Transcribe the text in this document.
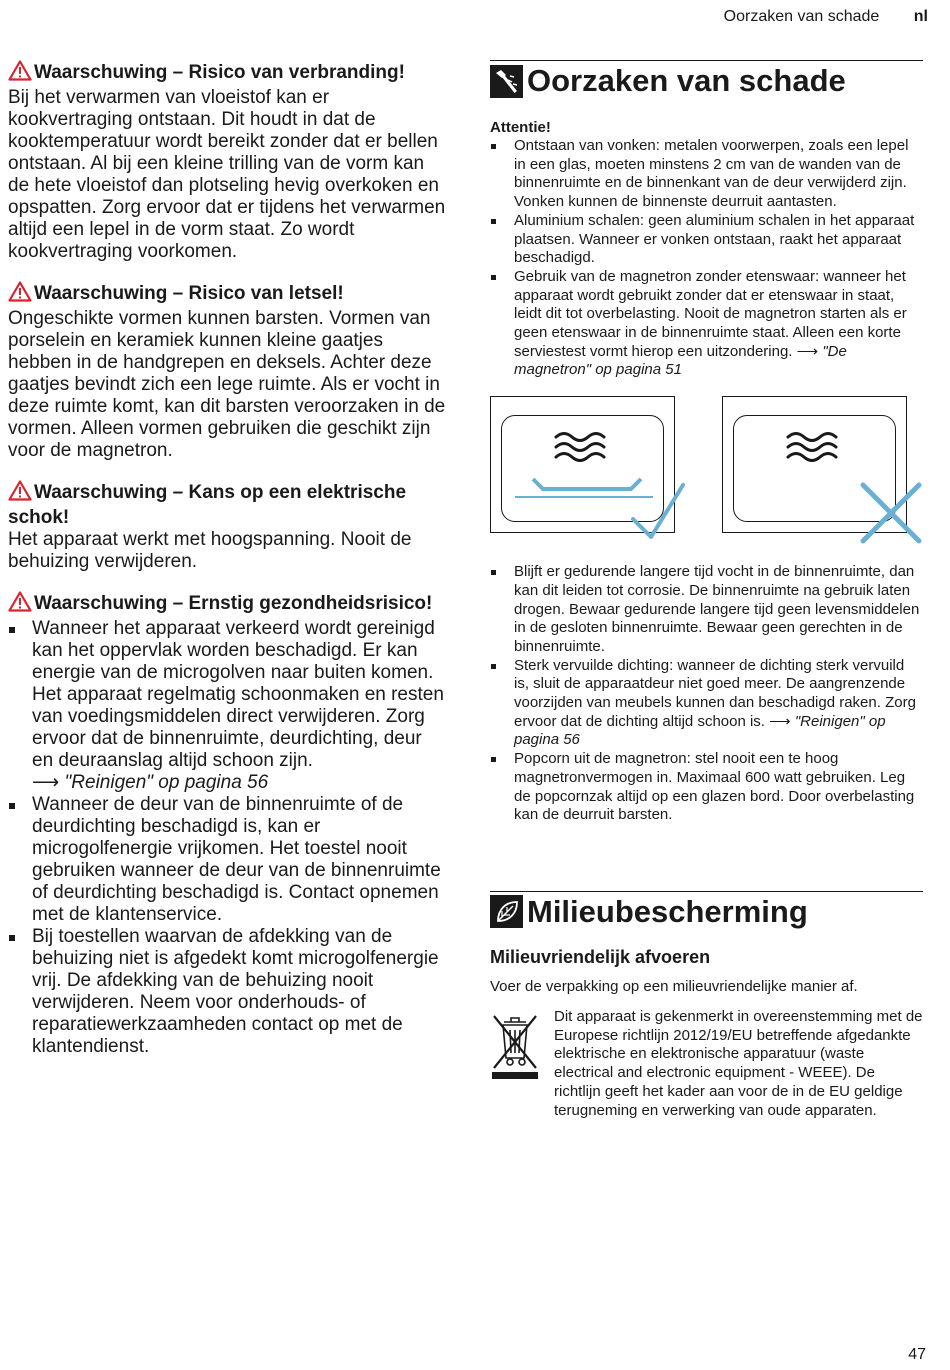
Oorzaken van schade nl
Waarschuwing – Risico van verbranding!
Bij het verwarmen van vloeistof kan er kookvertraging ontstaan. Dit houdt in dat de kooktemperatuur wordt bereikt zonder dat er bellen ontstaan. Al bij een kleine trilling van de vorm kan de hete vloeistof dan plotseling hevig overkoken en opspatten. Zorg ervoor dat er tijdens het verwarmen altijd een lepel in de vorm staat. Zo wordt kookvertraging voorkomen.
Waarschuwing – Risico van letsel!
Ongeschikte vormen kunnen barsten. Vormen van porselein en keramiek kunnen kleine gaatjes hebben in de handgrepen en deksels. Achter deze gaatjes bevindt zich een lege ruimte. Als er vocht in deze ruimte komt, kan dit barsten veroorzaken in de vormen. Alleen vormen gebruiken die geschikt zijn voor de magnetron.
Waarschuwing – Kans op een elektrische schok!
Het apparaat werkt met hoogspanning. Nooit de behuizing verwijderen.
Waarschuwing – Ernstig gezondheidsrisico!
Wanneer het apparaat verkeerd wordt gereinigd kan het oppervlak worden beschadigd. Er kan energie van de microgolven naar buiten komen. Het apparaat regelmatig schoonmaken en resten van voedingsmiddelen direct verwijderen. Zorg ervoor dat de binnenruimte, deurdichting, deur en deuraanslag altijd schoon zijn.
⟶ "Reinigen" op pagina 56
Wanneer de deur van de binnenruimte of de deurdichting beschadigd is, kan er microgolfenergie vrijkomen. Het toestel nooit gebruiken wanneer de deur van de binnenruimte of deurdichting beschadigd is. Contact opnemen met de klantenservice.
Bij toestellen waarvan de afdekking van de behuizing niet is afgedekt komt microgolfenergie vrij. De afdekking van de behuizing nooit verwijderen. Neem voor onderhouds- of reparatiewerkzaamheden contact op met de klantendienst.
Oorzaken van schade
Attentie!
Ontstaan van vonken: metalen voorwerpen, zoals een lepel in een glas, moeten minstens 2 cm van de wanden van de binnenruimte en de binnenkant van de deur verwijderd zijn. Vonken kunnen de binnenste deurruit aantasten.
Aluminium schalen: geen aluminium schalen in het apparaat plaatsen. Wanneer er vonken ontstaan, raakt het apparaat beschadigd.
Gebruik van de magnetron zonder etenswaar: wanneer het apparaat wordt gebruikt zonder dat er etenswaar in staat, leidt dit tot overbelasting. Nooit de magnetron starten als er geen etenswaar in de binnenruimte staat. Alleen een korte serviestest vormt hierop een uitzondering. ⟶ "De magnetron" op pagina 51
Blijft er gedurende langere tijd vocht in de binnenruimte, dan kan dit leiden tot corrosie. De binnenruimte na gebruik laten drogen. Bewaar gedurende langere tijd geen levensmiddelen in de gesloten binnenruimte. Bewaar geen gerechten in de binnenruimte.
Sterk vervuilde dichting: wanneer de dichting sterk vervuild is, sluit de apparaatdeur niet goed meer. De aangrenzende voorzijden van meubels kunnen dan beschadigd raken. Zorg ervoor dat de dichting altijd schoon is. ⟶ "Reinigen" op pagina 56
Popcorn uit de magnetron: stel nooit een te hoog magnetronvermogen in. Maximaal 600 watt gebruiken. Leg de popcornzak altijd op een glazen bord. Door overbelasting kan de deurruit barsten.
Milieubescherming
Milieuvriendelijk afvoeren
Voer de verpakking op een milieuvriendelijke manier af.
Dit apparaat is gekenmerkt in overeenstemming met de Europese richtlijn 2012/19/EU betreffende afgedankte elektrische en elektronische apparatuur (waste electrical and electronic equipment - WEEE). De richtlijn geeft het kader aan voor de in de EU geldige terugneming en verwerking van oude apparaten.
47
